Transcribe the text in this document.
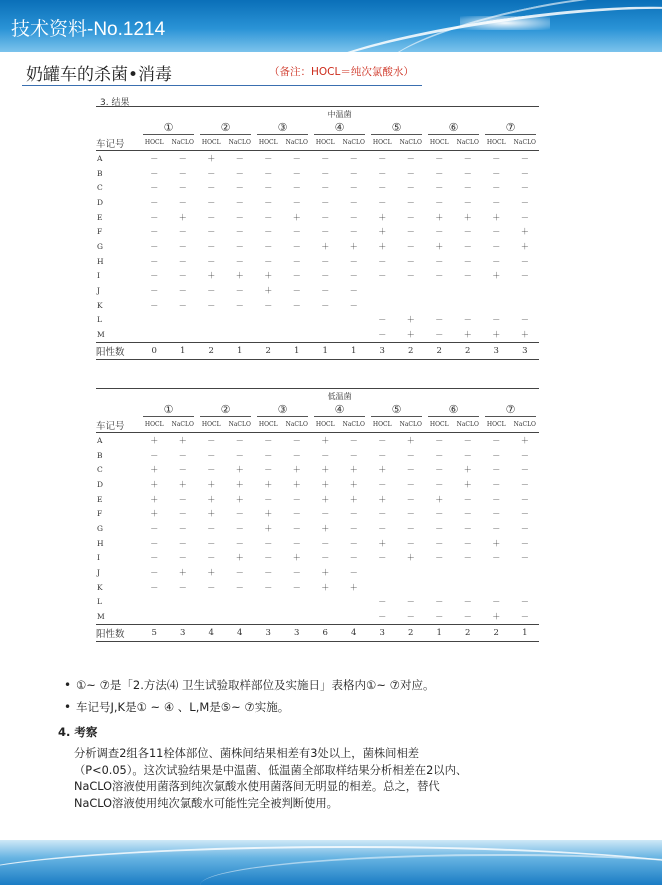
技术资料-No.1214
奶罐车的杀菌•消毒	（备注：HOCL＝纯次氯酸水）
3. 结果
	中温菌													

	①		②		③		④		⑤		⑥		⑦	

车记号	HOCL	NaCLO	HOCL	NaCLO	HOCL	NaCLO	HOCL	NaCLO	HOCL	NaCLO	HOCL	NaCLO	HOCL	NaCLO
A	－	－	＋	－	－	－	－	－	－	－	－	－	－	－
B	－	－	－	－	－	－	－	－	－	－	－	－	－	－
C	－	－	－	－	－	－	－	－	－	－	－	－	－	－
D	－	－	－	－	－	－	－	－	－	－	－	－	－	－
E	－	＋	－	－	－	＋	－	－	＋	－	＋	＋	＋	－
F	－	－	－	－	－	－	－	－	＋	－	－	－	－	＋
G	－	－	－	－	－	－	＋	＋	＋	－	＋	－	－	＋
H	－	－	－	－	－	－	－	－	－	－	－	－	－	－
I	－	－	＋	＋	＋	－	－	－	－	－	－	－	＋	－
J	－	－	－	－	＋	－	－	－						
K	－	－	－	－	－	－	－	－						
L									－	＋	－	－	－	－
M									－	＋	－	＋	＋	＋
阳性数	0	1	2	1	2	1	1	1	3	2	2	2	3	3
	低温菌													

	①		②		③		④		⑤		⑥		⑦	

车记号	HOCL	NaCLO	HOCL	NaCLO	HOCL	NaCLO	HOCL	NaCLO	HOCL	NaCLO	HOCL	NaCLO	HOCL	NaCLO
A	＋	＋	－	－	－	－	＋	－	－	＋	－	－	－	＋
B	－	－	－	－	－	－	－	－	－	－	－	－	－	－
C	＋	－	－	＋	－	＋	＋	＋	＋	－	－	＋	－	－
D	＋	＋	＋	＋	＋	＋	＋	＋	－	－	－	＋	－	－
E	＋	－	＋	＋	－	－	＋	＋	＋	－	＋	－	－	－
F	＋	－	＋	－	＋	－	－	－	－	－	－	－	－	－
G	－	－	－	－	＋	－	＋	－	－	－	－	－	－	－
H	－	－	－	－	－	－	－	－	＋	－	－	－	＋	－
I	－	－	－	＋	－	＋	－	－	－	＋	－	－	－	－
J	－	＋	＋	－	－	－	＋	－						
K	－	－	－	－	－	－	＋	＋						
L									－	－	－	－	－	－
M									－	－	－	－	＋	－
阳性数	5	3	4	4	3	3	6	4	3	2	1	2	2	1
• ①~ ⑦是「2.方法⑷ 卫生试验取样部位及实施日」表格内①~ ⑦对应。
• 车记号J,K是① ~ ④ 、L,M是⑤~ ⑦实施。
4. 考察
分析调查2组各11栓体部位、菌株间结果相差有3处以上，菌株间相差
（P<0.05）。这次试验结果是中温菌、低温菌全部取样结果分析相差在2以内、
NaCLO溶液使用菌落到纯次氯酸水使用菌落间无明显的相差。总之，替代
NaCLO溶液使用纯次氯酸水可能性完全被判断使用。
